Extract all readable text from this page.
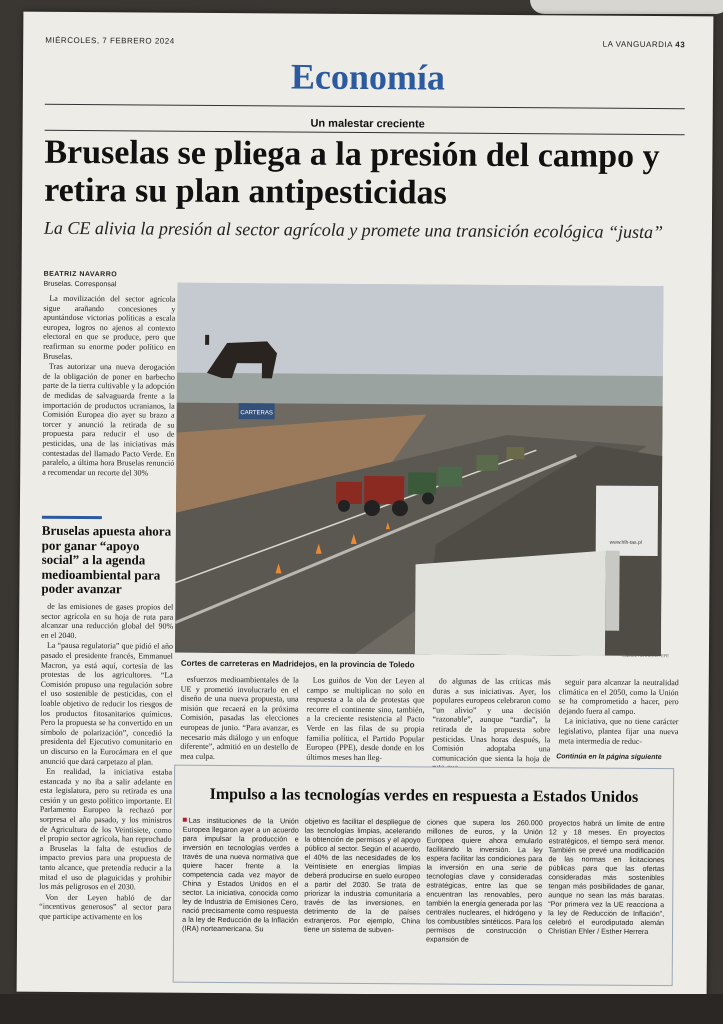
MIÉRCOLES, 7 FEBRERO 2024	LA VANGUARDIA 43
Economía
Un malestar creciente
Bruselas se pliega a la presión del campo y retira su plan antipesticidas
La CE alivia la presión al sector agrícola y promete una transición ecológica “justa”
BEATRIZ NAVARRO
Bruselas. Corresponsal

La movilización del sector agrícola sigue arañando concesiones y apuntándose victorias políticas a escala europea, logros no ajenos al contexto electoral en que se produce, pero que reafirman su enorme poder político en Bruselas.

Tras autorizar una nueva derogación de la obligación de poner en barbecho parte de la tierra cultivable y la adopción de medidas de salvaguarda frente a la importación de productos ucranianos, la Comisión Europea dio ayer su brazo a torcer y anunció la retirada de su propuesta para reducir el uso de pesticidas, una de las iniciativas más contestadas del llamado Pacto Verde. En paralelo, a última hora Bruselas renunció a recomendar un recorte del 30%

Bruselas apuesta ahora por ganar “apoyo social” a la agenda medioambiental para poder avanzar

de las emisiones de gases propios del sector agrícola en su hoja de ruta para alcanzar una reducción global del 90% en el 2040.

La “pausa regulatoria” que pidió el año pasado el presidente francés, Emmanuel Macron, ya está aquí, cortesía de las protestas de los agricultores. “La Comisión propuso una regulación sobre el uso sostenible de pesticidas, con el loable objetivo de reducir los riesgos de los productos fitosanitarios químicos. Pero la propuesta se ha convertido en un símbolo de polarización”, concedió la presidenta del Ejecutivo comunitario en un discurso en la Eurocámara en el que anunció que dará carpetazo al plan.

En realidad, la iniciativa estaba estancada y no iba a salir adelante en esta legislatura, pero su retirada es una cesión y un gesto político importante. El Parlamento Europeo la rechazó por sorpresa el año pasado, y los ministros de Agricultura de los Veintisiete, como el propio sector agrícola, han reprochado a Bruselas la falta de estudios de impacto previos para una propuesta de tanto alcance, que pretendía reducir a la mitad el uso de plaguicidas y prohibir los más peligrosos en el 2030.

Von der Leyen habló de dar “incentivos generosos” al sector para que participe activamente en los

CARTERAS
www.hlh-tas.pl
ISMAEL HERRERO / EFE
Cortes de carreteras en Madridejos, en la provincia de Toledo

esfuerzos medioambientales de la UE y prometió involucrarlo en el diseño de una nueva propuesta, una misión que recaerá en la próxima Comisión, pasadas las elecciones europeas de junio. “Para avanzar, es necesario más diálogo y un enfoque diferente”, admitió en un destello de mea culpa.

Los guiños de Von der Leyen al campo se multiplican no solo en respuesta a la ola de protestas que recorre el continente sino, también, a la creciente resistencia al Pacto Verde en las filas de su propia familia política, el Partido Popular Europeo (PPE), desde donde en los últimos meses han lleg-

do algunas de las críticas más duras a sus iniciativas. Ayer, los populares europeos celebraron como “un alivio” y una decisión “razonable”, aunque “tardía”, la retirada de la propuesta sobre pesticidas. Unas horas después, la Comisión adoptaba una comunicación que sienta la hoja de

seguir para alcanzar la neutralidad climática en el 2050, como la Unión se ha comprometido a hacer, pero dejando fuera al campo.

La iniciativa, que no tiene carácter legislativo, plantea fijar una nueva meta intermedia de reduc-

Continúa en la página siguiente
Impulso a las tecnologías verdes en respuesta a Estados Unidos
Las instituciones de la Unión Europea llegaron ayer a un acuerdo para impulsar la producción e inversión en tecnologías verdes a través de una nueva normativa que quiere hacer frente a la competencia cada vez mayor de China y Estados Unidos en el sector. La iniciativa, conocida como ley de Industria de Emisiones Cero, nació precisamente como respuesta a la ley de Reducción de la Inflación (IRA) norteamericana. Su
objetivo es facilitar el despliegue de las tecnologías limpias, acelerando la obtención de permisos y el apoyo público al sector. Según el acuerdo, el 40% de las necesidades de los Veintisiete en energías limpias deberá producirse en suelo europeo a partir del 2030. Se trata de priorizar la industria comunitaria a través de las inversiones, en detrimento de la de países extranjeros. Por ejemplo, China tiene un sistema de subven-
ciones que supera los 260.000 millones de euros, y la Unión Europea quiere ahora emularlo facilitando la inversión. La ley espera facilitar las condiciones para la inversión en una serie de tecnologías clave y consideradas estratégicas, entre las que se encuentran las renovables, pero también la energía generada por las centrales nucleares, el hidrógeno y los combustibles sintéticos. Para los permisos de construcción o expansión de
proyectos habrá un límite de entre 12 y 18 meses. En proyectos estratégicos, el tiempo será menor. También se prevé una modificación de las normas en licitaciones públicas para que las ofertas consideradas más sostenibles tengan más posibilidades de ganar, aunque no sean las más baratas. “Por primera vez la UE reacciona a la ley de Reducción de Inflación”, celebró el eurodiputado alemán Christian Ehler / Esther Herrera
